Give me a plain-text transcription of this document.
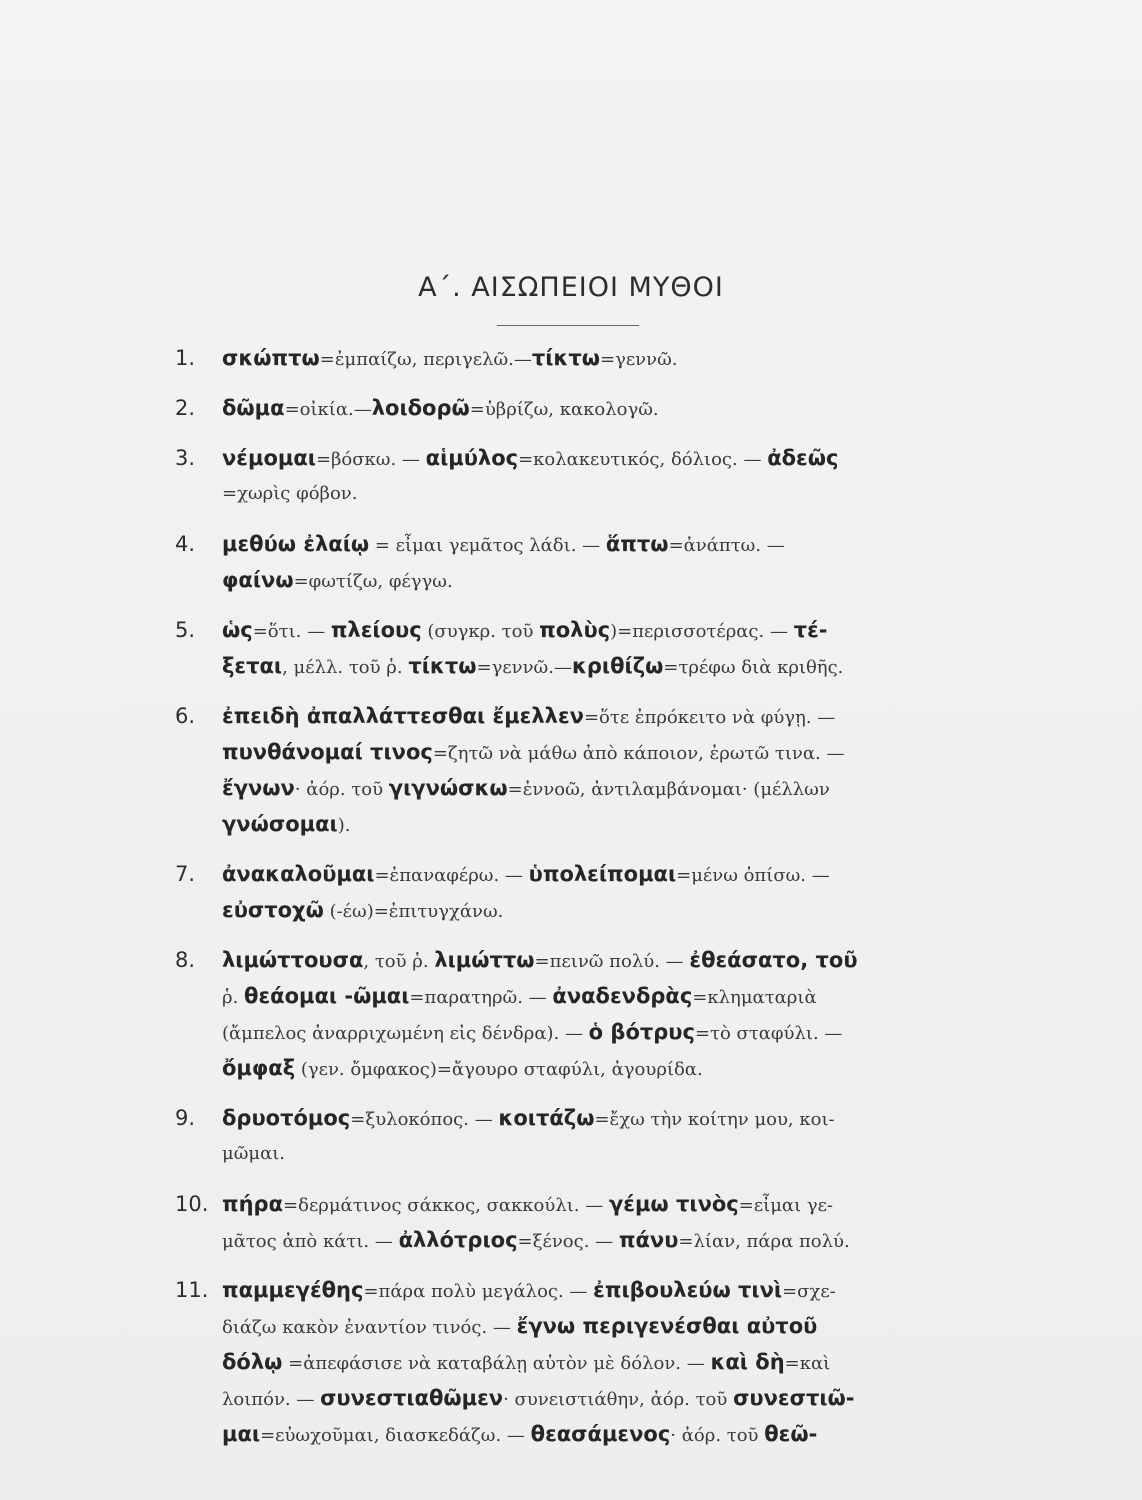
Α΄. ΑΙΣΩΠΕΙΟΙ ΜΥΘΟΙ
1.	σκώπτω=ἐμπαίζω, περιγελῶ.—τίκτω=γεννῶ.
2.	δῶμα=οἰκία.—λοιδορῶ=ὑβρίζω, κακολογῶ.
3.	νέμομαι=βόσκω. — αἱμύλος=κολακευτικός, δόλιος. — ἀδεῶς
=χωρὶς φόβον.
4.	μεθύω ἐλαίῳ = εἶμαι γεμᾶτος λάδι. — ἅπτω=ἀνάπτω. —
φαίνω=φωτίζω, φέγγω.
5.	ὡς=ὅτι. — πλείους (συγκρ. τοῦ πολὺς)=περισσοτέρας. — τέ-
ξεται, μέλλ. τοῦ ῥ. τίκτω=γεννῶ.—κριθίζω=τρέφω διὰ κριθῆς.
6.	ἐπειδὴ ἀπαλλάττεσθαι ἔμελλεν=ὅτε ἐπρόκειτο νὰ φύγῃ. —
πυνθάνομαί τινος=ζητῶ νὰ μάθω ἀπὸ κάποιον, ἐρωτῶ τινα. —
ἔγνων· ἀόρ. τοῦ γιγνώσκω=ἐννοῶ, ἀντιλαμβάνομαι· (μέλλων
γνώσομαι).
7.	ἀνακαλοῦμαι=ἐπαναφέρω. — ὑπολείπομαι=μένω ὀπίσω. —
εὐστοχῶ (-έω)=ἐπιτυγχάνω.
8.	λιμώττουσα, τοῦ ῥ. λιμώττω=πεινῶ πολύ. — ἐθεάσατο, τοῦ
ῥ. θεάομαι -ῶμαι=παρατηρῶ. — ἀναδενδρὰς=κληματαριὰ
(ἄμπελος ἀναρριχωμένη εἰς δένδρα). — ὁ βότρυς=τὸ σταφύλι. —
ὄμφαξ (γεν. ὄμφακος)=ἄγουρο σταφύλι, ἀγουρίδα.
9.	δρυοτόμος=ξυλοκόπος. — κοιτάζω=ἔχω τὴν κοίτην μου, κοι-
μῶμαι.
10. πήρα=δερμάτινος σάκκος, σακκούλι. — γέμω τινὸς=εἶμαι γε-
μᾶτος ἀπὸ κάτι. — ἀλλότριος=ξένος. — πάνυ=λίαν, πάρα πολύ.
11. παμμεγέθης=πάρα πολὺ μεγάλος. — ἐπιβουλεύω τινὶ=σχε-
διάζω κακὸν ἐναντίον τινός. — ἔγνω περιγενέσθαι αὐτοῦ
δόλῳ =ἀπεφάσισε νὰ καταβάλῃ αὐτὸν μὲ δόλον. — καὶ δὴ=καὶ
λοιπόν. — συνεστιαθῶμεν· συνειστιάθην, ἀόρ. τοῦ συνεστιῶ-
μαι=εὐωχοῦμαι, διασκεδάζω. — θεασάμενος· ἀόρ. τοῦ θεῶ-
